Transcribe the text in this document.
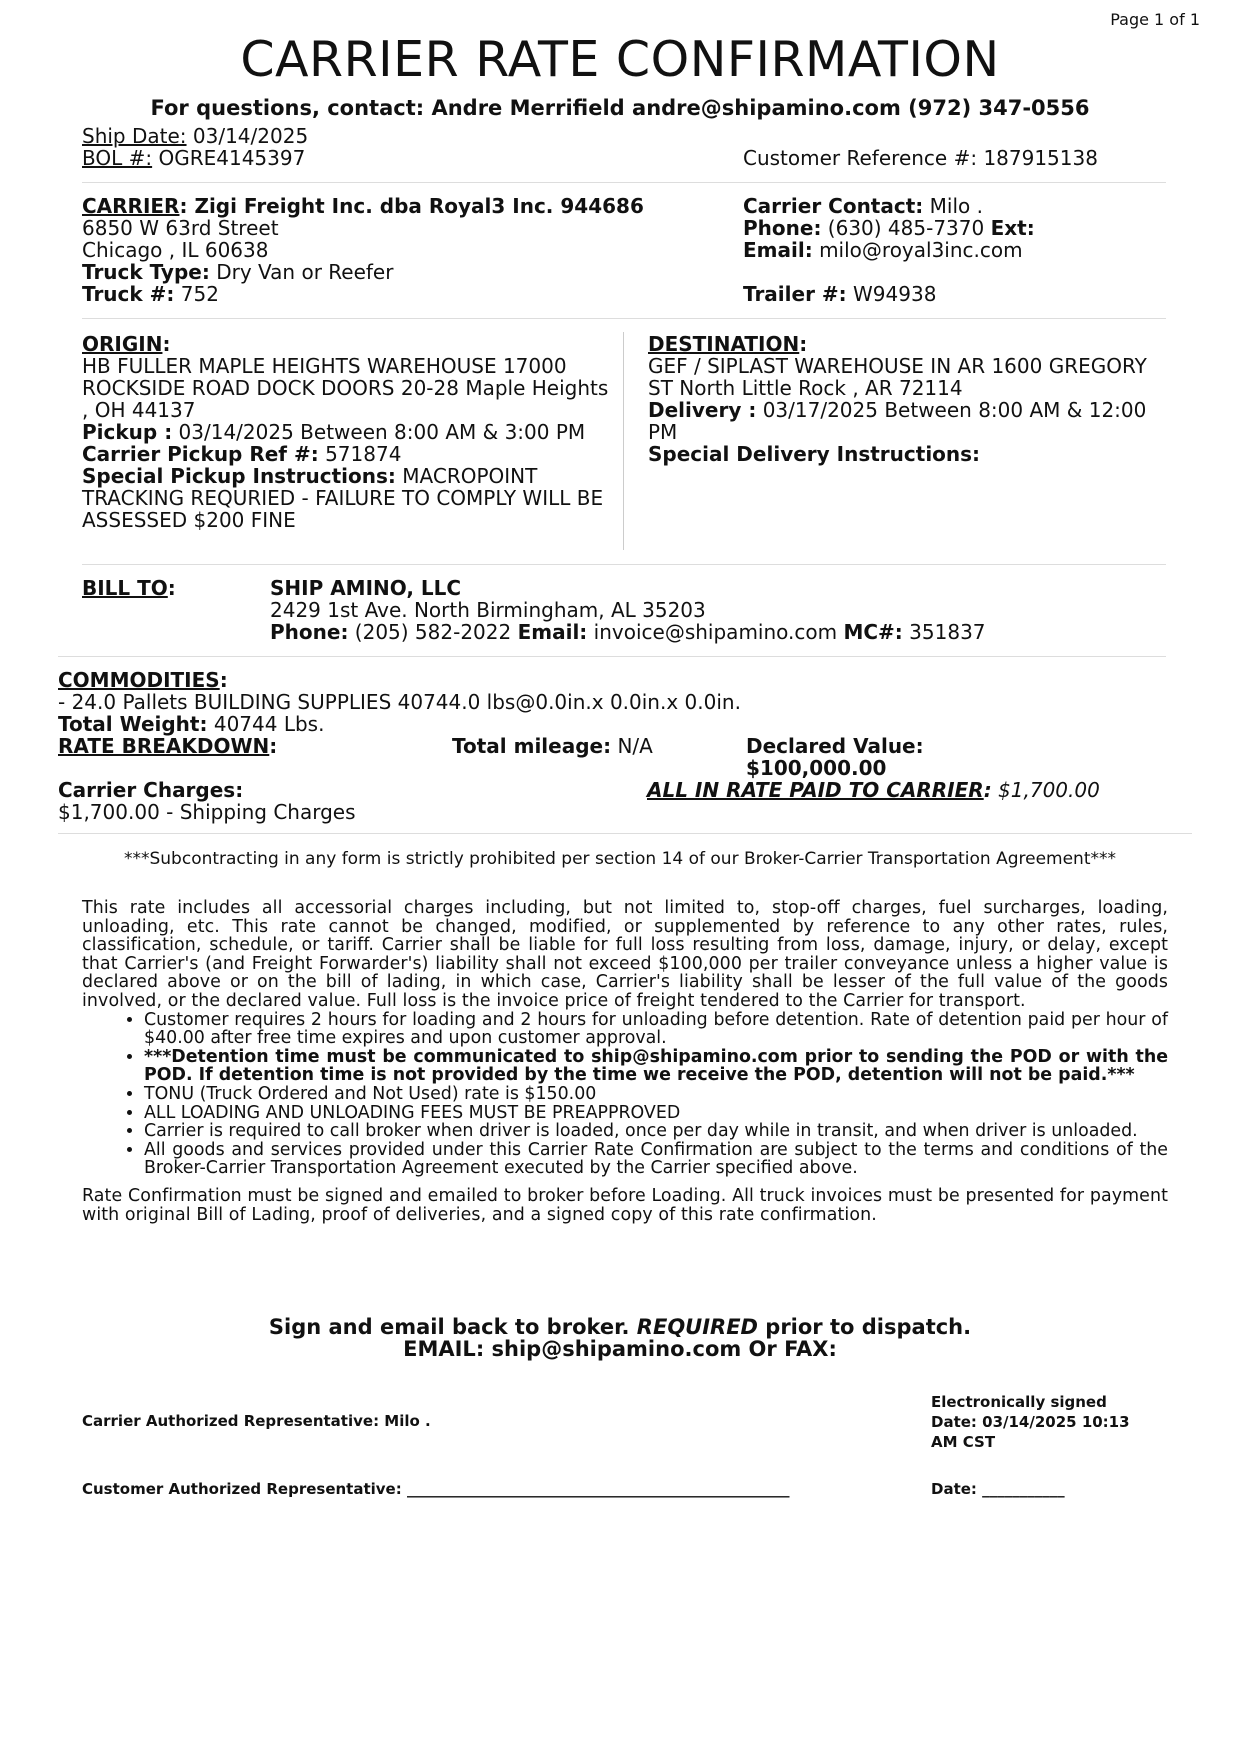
Page 1 of 1
CARRIER RATE CONFIRMATION
For questions, contact: Andre Merrifield andre@shipamino.com (972) 347-0556
Ship Date: 03/14/2025
BOL #: OGRE4145397	Customer Reference #: 187915138
CARRIER: Zigi Freight Inc. dba Royal3 Inc. 944686
6850 W 63rd Street
Chicago , IL 60638
Truck Type: Dry Van or Reefer
Truck #: 752
Carrier Contact: Milo .
Phone: (630) 485-7370 Ext:
Email: milo@royal3inc.com
Trailer #: W94938
ORIGIN:
HB FULLER MAPLE HEIGHTS WAREHOUSE 17000 ROCKSIDE ROAD DOCK DOORS 20-28 Maple Heights , OH 44137
Pickup : 03/14/2025 Between 8:00 AM & 3:00 PM
Carrier Pickup Ref #: 571874
Special Pickup Instructions: MACROPOINT TRACKING REQURIED - FAILURE TO COMPLY WILL BE ASSESSED $200 FINE
DESTINATION:
GEF / SIPLAST WAREHOUSE IN AR 1600 GREGORY ST North Little Rock , AR 72114
Delivery : 03/17/2025 Between 8:00 AM & 12:00 PM
Special Delivery Instructions:
BILL TO:	SHIP AMINO, LLC
2429 1st Ave. North Birmingham, AL 35203
Phone: (205) 582-2022 Email: invoice@shipamino.com MC#: 351837
COMMODITIES:
- 24.0 Pallets BUILDING SUPPLIES 40744.0 lbs@0.0in.x 0.0in.x 0.0in.
Total Weight: 40744 Lbs.
RATE BREAKDOWN:	Total mileage: N/A	Declared Value:
$100,000.00
Carrier Charges:
$1,700.00 - Shipping Charges
ALL IN RATE PAID TO CARRIER: $1,700.00
***Subcontracting in any form is strictly prohibited per section 14 of our Broker-Carrier Transportation Agreement***
This rate includes all accessorial charges including, but not limited to, stop-off charges, fuel surcharges, loading, unloading, etc. This rate cannot be changed, modified, or supplemented by reference to any other rates, rules, classification, schedule, or tariff. Carrier shall be liable for full loss resulting from loss, damage, injury, or delay, except that Carrier's (and Freight Forwarder's) liability shall not exceed $100,000 per trailer conveyance unless a higher value is declared above or on the bill of lading, in which case, Carrier's liability shall be lesser of the full value of the goods involved, or the declared value. Full loss is the invoice price of freight tendered to the Carrier for transport.
• Customer requires 2 hours for loading and 2 hours for unloading before detention. Rate of detention paid per hour of $40.00 after free time expires and upon customer approval.
• ***Detention time must be communicated to ship@shipamino.com prior to sending the POD or with the POD. If detention time is not provided by the time we receive the POD, detention will not be paid.***
• TONU (Truck Ordered and Not Used) rate is $150.00
• ALL LOADING AND UNLOADING FEES MUST BE PREAPPROVED
• Carrier is required to call broker when driver is loaded, once per day while in transit, and when driver is unloaded.
• All goods and services provided under this Carrier Rate Confirmation are subject to the terms and conditions of the Broker-Carrier Transportation Agreement executed by the Carrier specified above.
Rate Confirmation must be signed and emailed to broker before Loading. All truck invoices must be presented for payment with original Bill of Lading, proof of deliveries, and a signed copy of this rate confirmation.
Sign and email back to broker. REQUIRED prior to dispatch.
EMAIL: ship@shipamino.com Or FAX:
Carrier Authorized Representative: Milo .
Electronically signed
Date: 03/14/2025 10:13
AM CST
Customer Authorized Representative: ___________________________________________________	Date: ___________
